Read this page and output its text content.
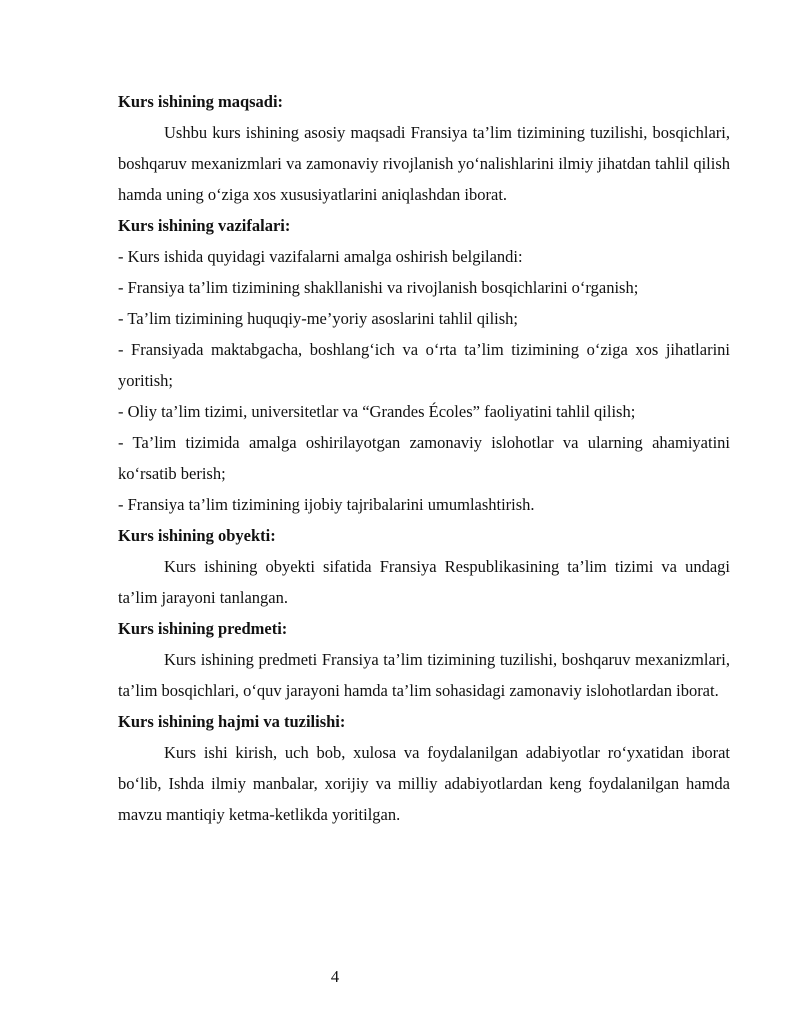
Kurs ishining maqsadi:

Ushbu kurs ishining asosiy maqsadi Fransiya ta’lim tizimining tuzilishi, bosqichlari, boshqaruv mexanizmlari va zamonaviy rivojlanish yo‘nalishlarini ilmiy jihatdan tahlil qilish hamda uning o‘ziga xos xususiyatlarini aniqlashdan iborat.

Kurs ishining vazifalari:

- Kurs ishida quyidagi vazifalarni amalga oshirish belgilandi:

- Fransiya ta’lim tizimining shakllanishi va rivojlanish bosqichlarini o‘rganish;

- Ta’lim tizimining huquqiy-me’yoriy asoslarini tahlil qilish;

- Fransiyada maktabgacha, boshlang‘ich va o‘rta ta’lim tizimining o‘ziga xos jihatlarini yoritish;

- Oliy ta’lim tizimi, universitetlar va “Grandes Écoles” faoliyatini tahlil qilish;

- Ta’lim tizimida amalga oshirilayotgan zamonaviy islohotlar va ularning ahamiyatini ko‘rsatib berish;

- Fransiya ta’lim tizimining ijobiy tajribalarini umumlashtirish.

Kurs ishining obyekti:

Kurs ishining obyekti sifatida Fransiya Respublikasining ta’lim tizimi va undagi ta’lim jarayoni tanlangan.

Kurs ishining predmeti:

Kurs ishining predmeti Fransiya ta’lim tizimining tuzilishi, boshqaruv mexanizmlari, ta’lim bosqichlari, o‘quv jarayoni hamda ta’lim sohasidagi zamonaviy islohotlardan iborat.

Kurs ishining hajmi va tuzilishi:

Kurs ishi kirish, uch bob, xulosa va foydalanilgan adabiyotlar ro‘yxatidan iborat bo‘lib, Ishda ilmiy manbalar, xorijiy va milliy adabiyotlardan keng foydalanilgan hamda mavzu mantiqiy ketma-ketlikda yoritilgan.

4
